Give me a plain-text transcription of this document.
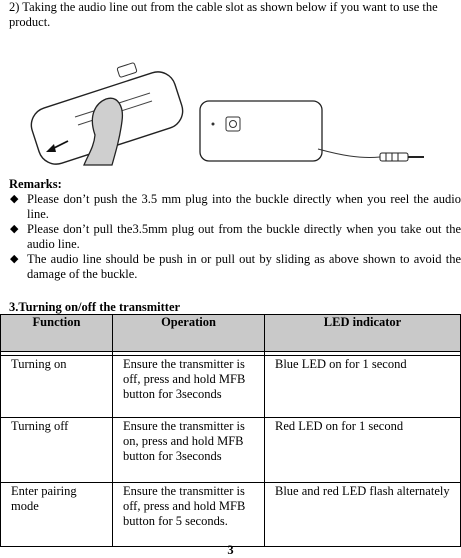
2) Taking the audio line out from the cable slot as shown below if you want to use the product.
Remarks:
◆ Please don’t push the 3.5 mm plug into the buckle directly when you reel the audio line.
◆ Please don’t pull the3.5mm plug out from the buckle directly when you take out the audio line.
◆ The audio line should be push in or pull out by sliding as above shown to avoid the damage of the buckle.
3.Turning on/off the transmitter
Function	Operation	LED indicator

Turning on	Ensure the transmitter is off, press and hold MFB button for 3seconds	Blue LED on for 1 second
Turning off	Ensure the transmitter is on, press and hold MFB button for 3seconds	Red LED on for 1 second
Enter pairing mode	Ensure the transmitter is off, press and hold MFB button for 5 seconds.	Blue and red LED flash alternately
3
